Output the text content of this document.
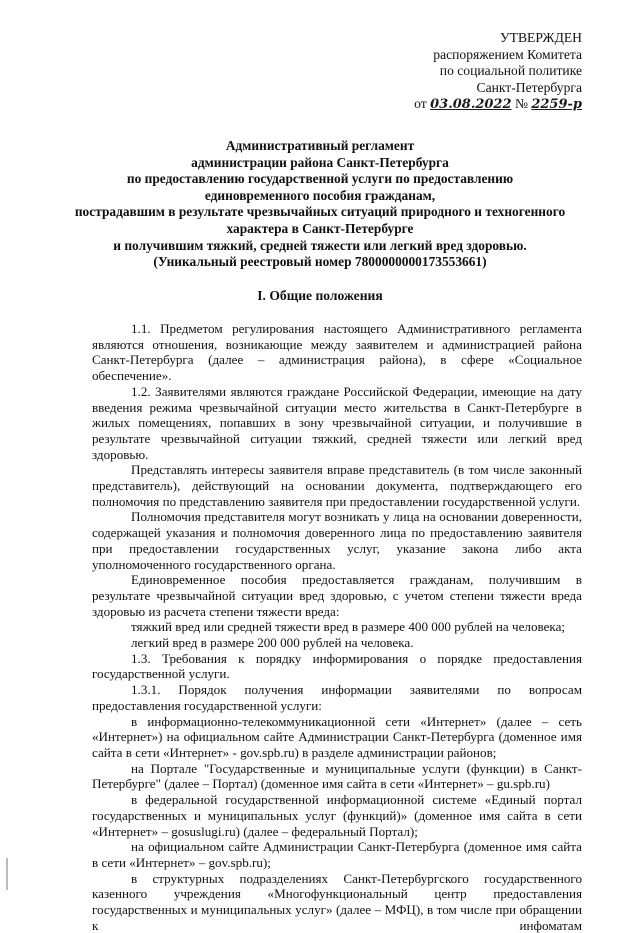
УТВЕРЖДЕН
распоряжением Комитета
по социальной политике
Санкт-Петербурга
от 03.08.2022 № 2259-р
Административный регламент
администрации района Санкт-Петербурга
по предоставлению государственной услуги по предоставлению
единовременного пособия гражданам,
пострадавшим в результате чрезвычайных ситуаций природного и техногенного
характера в Санкт-Петербурге
и получившим тяжкий, средней тяжести или легкий вред здоровью.
(Уникальный реестровый номер 7800000000173553661)
I. Общие положения

1.1. Предметом регулирования настоящего Административного регламента являются отношения, возникающие между заявителем и администрацией района Санкт-Петербурга (далее – администрация района), в сфере «Социальное обеспечение».

1.2. Заявителями являются граждане Российской Федерации, имеющие на дату введения режима чрезвычайной ситуации место жительства в Санкт-Петербурге в жилых помещениях, попавших в зону чрезвычайной ситуации, и получившие в результате чрезвычайной ситуации тяжкий, средней тяжести или легкий вред здоровью.

Представлять интересы заявителя вправе представитель (в том числе законный представитель), действующий на основании документа, подтверждающего его полномочия по представлению заявителя при предоставлении государственной услуги.

Полномочия представителя могут возникать у лица на основании доверенности, содержащей указания и полномочия доверенного лица по предоставлению заявителя при предоставлении государственных услуг, указание закона либо акта уполномоченного государственного органа.

Единовременное пособия предоставляется гражданам, получившим в результате чрезвычайной ситуации вред здоровью, с учетом степени тяжести вреда здоровью из расчета степени тяжести вреда:

тяжкий вред или средней тяжести вред в размере 400 000 рублей на человека;

легкий вред в размере 200 000 рублей на человека.

1.3. Требования к порядку информирования о порядке предоставления государственной услуги.

1.3.1. Порядок получения информации заявителями по вопросам предоставления государственной услуги:

в информационно-телекоммуникационной сети «Интернет» (далее – сеть «Интернет») на официальном сайте Администрации Санкт-Петербурга (доменное имя сайта в сети «Интернет» - gov.spb.ru) в разделе администрации районов;

на Портале "Государственные и муниципальные услуги (функции) в Санкт-Петербурге" (далее – Портал) (доменное имя сайта в сети «Интернет» – gu.spb.ru)

в федеральной государственной информационной системе «Единый портал государственных и муниципальных услуг (функций)» (доменное имя сайта в сети «Интернет» – gosuslugi.ru) (далее – федеральный Портал);

на официальном сайте Администрации Санкт-Петербурга (доменное имя сайта в сети «Интернет» – gov.spb.ru);

в структурных подразделениях Санкт-Петербургского государственного казенного учреждения «Многофункциональный центр предоставления государственных и муниципальных услуг» (далее – МФЦ), в том числе при обращении к инфоматам
